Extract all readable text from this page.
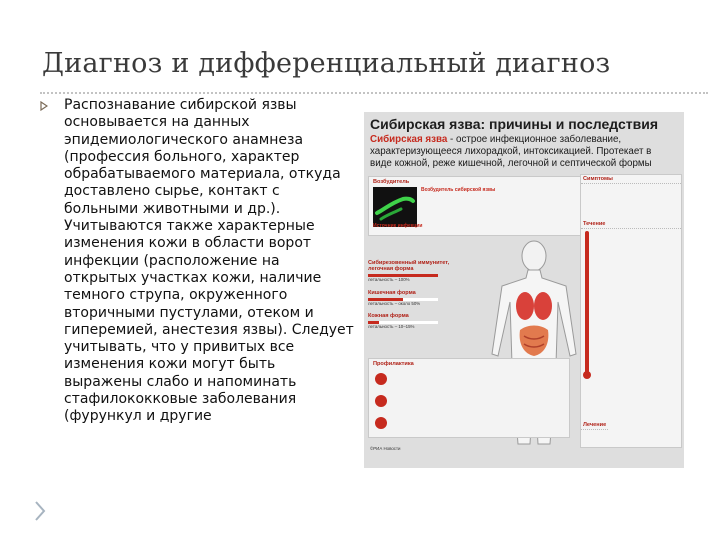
Диагноз и дифференциальный диагноз

Распознавание сибирской язвы основывается на данных эпидемиологического анамнеза (профессия больного, характер обрабатываемого материала, откуда доставлено сырье, контакт с больными животными и др.). Учитываются также характерные изменения кожи в области ворот инфекции (расположение на открытых участках кожи, наличие темного струпа, окруженного вторичными пустулами, отеком и гиперемией, анестезия язвы). Следует учитывать, что у привитых все изменения кожи могут быть выражены слабо и напоминать стафилококковые заболевания (фурункул и другие

Сибирская язва: причины и последствия
Сибирская язва - острое инфекционное заболевание, характеризующееся лихорадкой, интоксикацией. Протекает в виде кожной, реже кишечной, легочной и септической формы
Возбудитель
Возбудитель сибирской язвы
Источник инфекции
Сибирезовенный иммунитет, легочная форма
летальность – 100%
Кишечная форма
летальность – около 50%
Кожная форма
летальность – 10–15%
Профилактика
Симптомы
Течение
Лечение
©РИА Новости
